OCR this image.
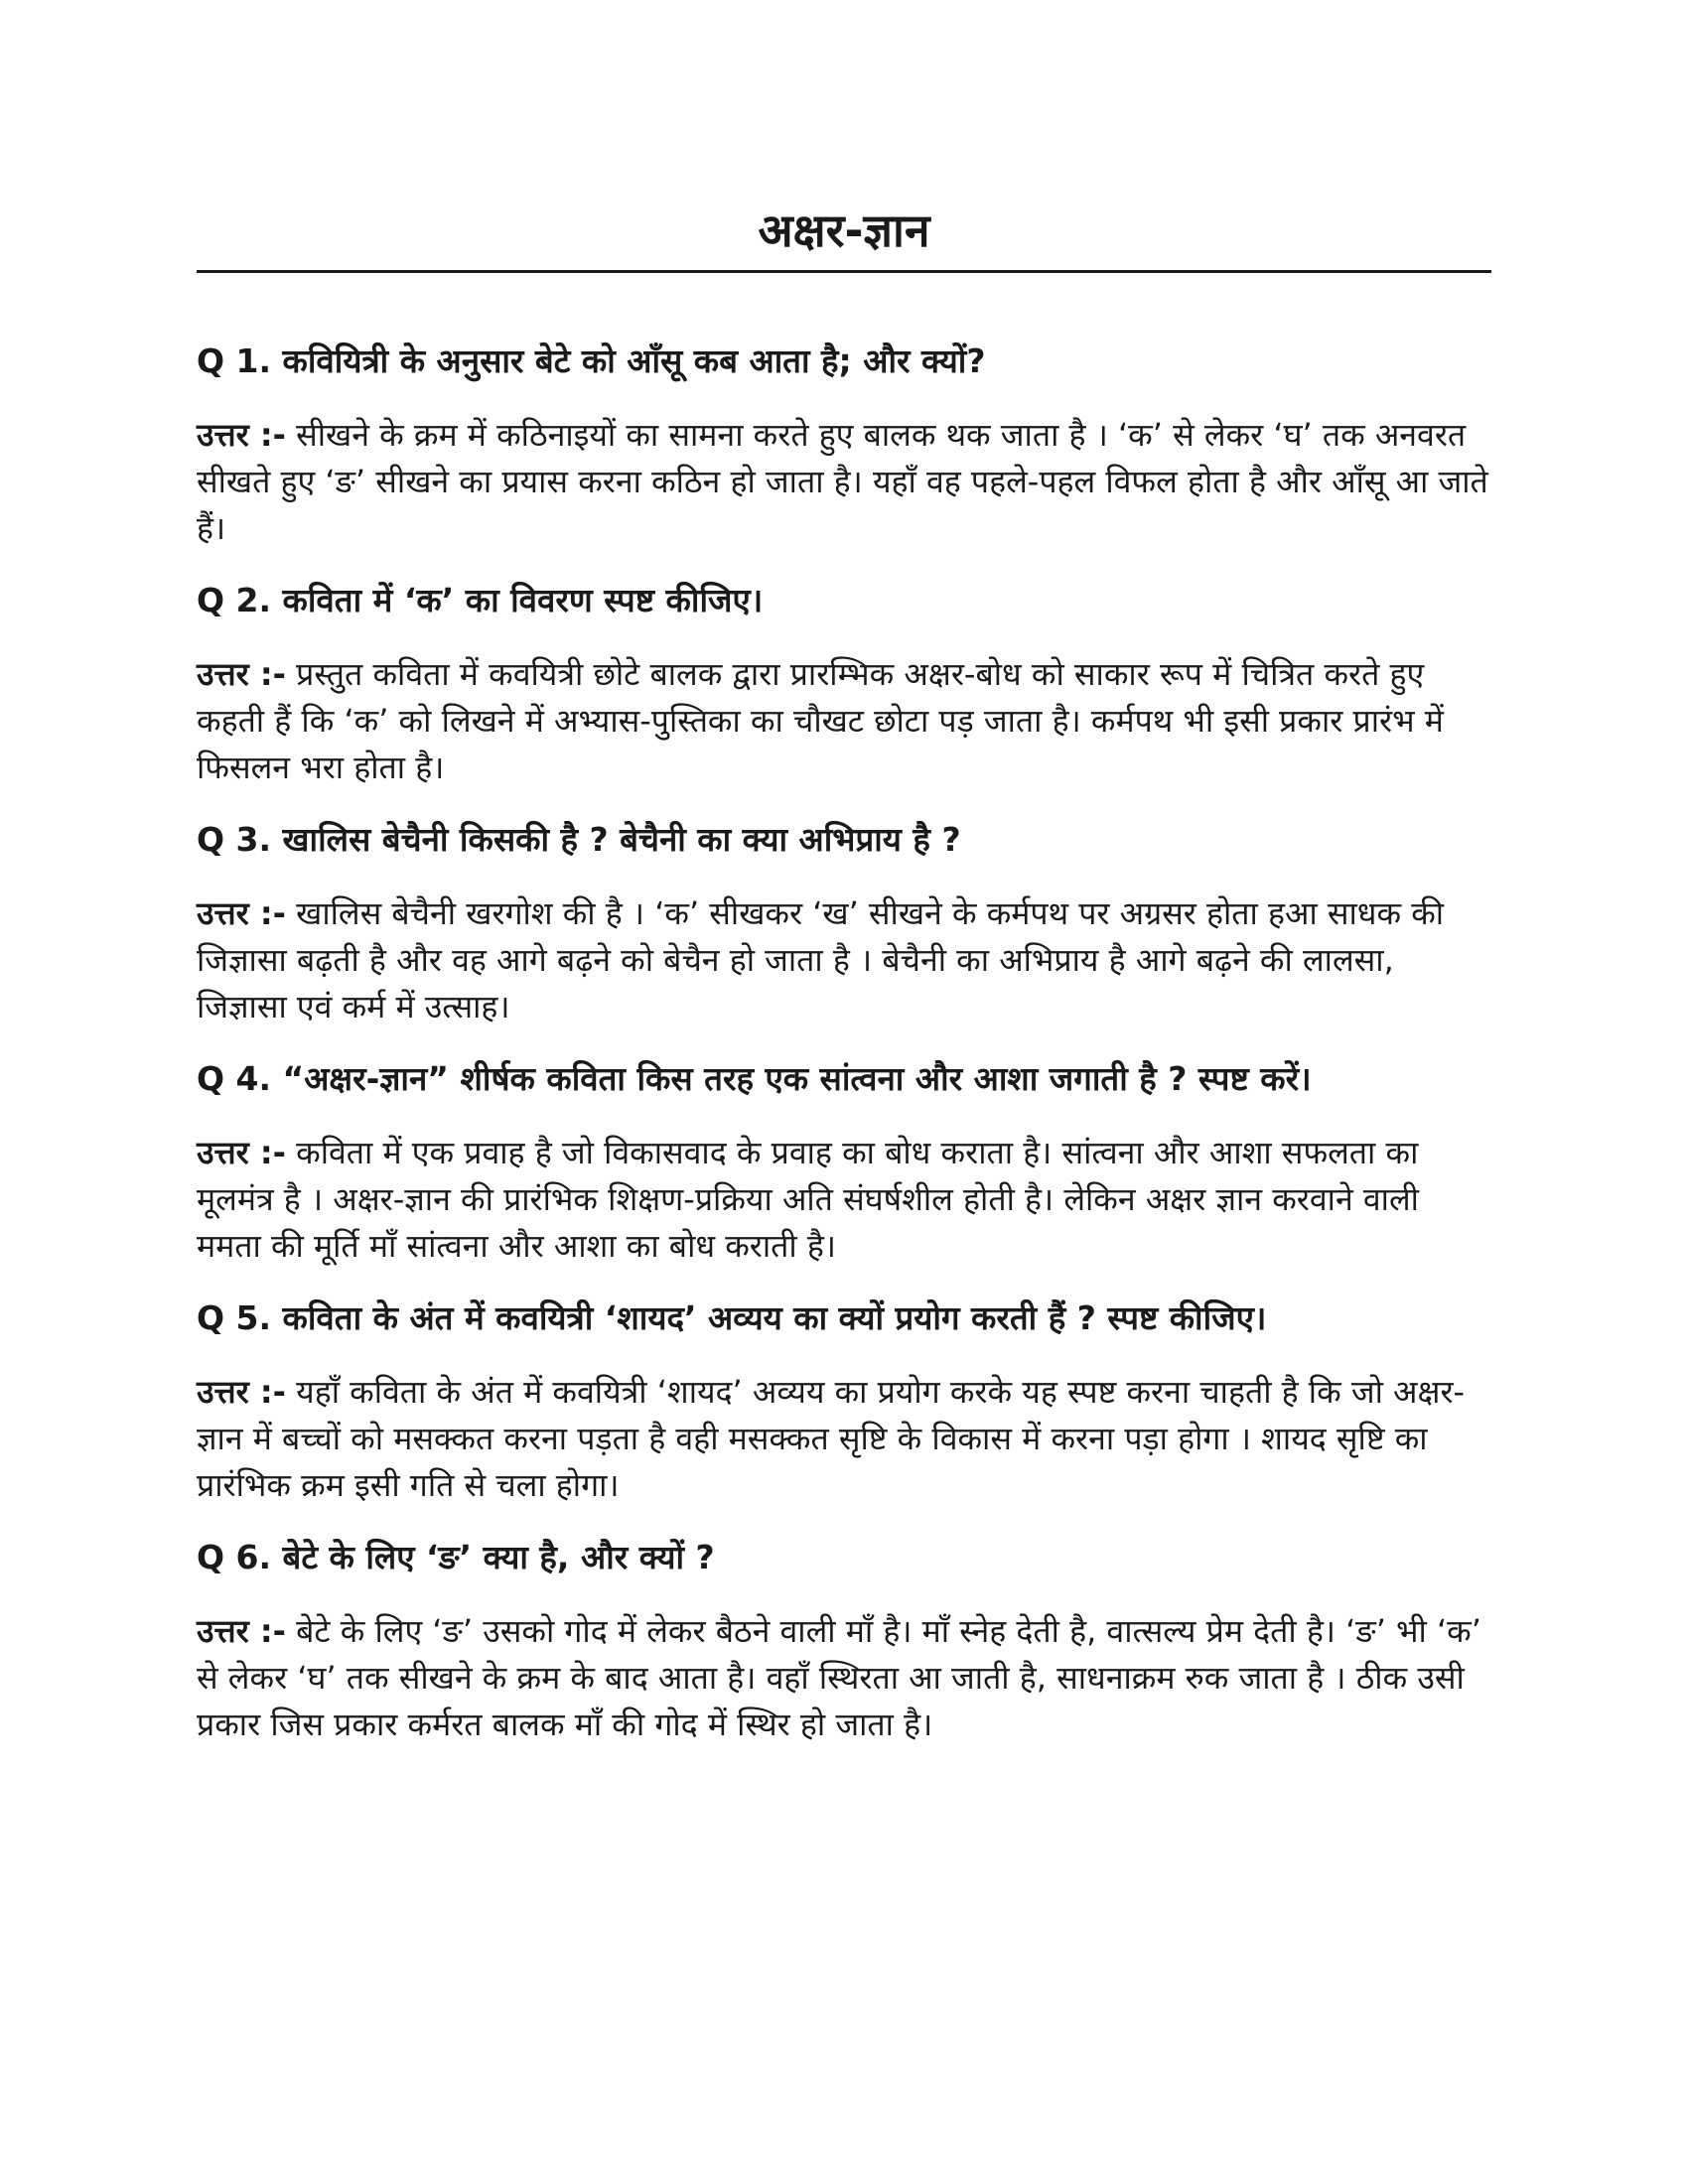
अक्षर-ज्ञान

Q 1. कवियित्री के अनुसार बेटे को आँसू कब आता है; और क्यों?

उत्तर :- सीखने के क्रम में कठिनाइयों का सामना करते हुए बालक थक जाता है । ‘क’ से लेकर ‘घ’ तक अनवरत सीखते हुए ‘ङ’ सीखने का प्रयास करना कठिन हो जाता है। यहाँ वह पहले-पहल विफल होता है और आँसू आ जाते हैं।

Q 2. कविता में ‘क’ का विवरण स्पष्ट कीजिए।

उत्तर :- प्रस्तुत कविता में कवयित्री छोटे बालक द्वारा प्रारम्भिक अक्षर-बोध को साकार रूप में चित्रित करते हुए कहती हैं कि ‘क’ को लिखने में अभ्यास-पुस्तिका का चौखट छोटा पड़ जाता है। कर्मपथ भी इसी प्रकार प्रारंभ में फिसलन भरा होता है।

Q 3. खालिस बेचैनी किसकी है ? बेचैनी का क्या अभिप्राय है ?

उत्तर :- खालिस बेचैनी खरगोश की है । ‘क’ सीखकर ‘ख’ सीखने के कर्मपथ पर अग्रसर होता हआ साधक की जिज्ञासा बढ़ती है और वह आगे बढ़ने को बेचैन हो जाता है । बेचैनी का अभिप्राय है आगे बढ़ने की लालसा, जिज्ञासा एवं कर्म में उत्साह।

Q 4. “अक्षर-ज्ञान” शीर्षक कविता किस तरह एक सांत्वना और आशा जगाती है ? स्पष्ट करें।

उत्तर :- कविता में एक प्रवाह है जो विकासवाद के प्रवाह का बोध कराता है। सांत्वना और आशा सफलता का मूलमंत्र है । अक्षर-ज्ञान की प्रारंभिक शिक्षण-प्रक्रिया अति संघर्षशील होती है। लेकिन अक्षर ज्ञान करवाने वाली ममता की मूर्ति माँ सांत्वना और आशा का बोध कराती है।

Q 5. कविता के अंत में कवयित्री ‘शायद’ अव्यय का क्यों प्रयोग करती हैं ? स्पष्ट कीजिए।

उत्तर :- यहाँ कविता के अंत में कवयित्री ‘शायद’ अव्यय का प्रयोग करके यह स्पष्ट करना चाहती है कि जो अक्षर-ज्ञान में बच्चों को मसक्कत करना पड़ता है वही मसक्कत सृष्टि के विकास में करना पड़ा होगा । शायद सृष्टि का प्रारंभिक क्रम इसी गति से चला होगा।

Q 6. बेटे के लिए ‘ङ’ क्या है, और क्यों ?

उत्तर :- बेटे के लिए ‘ङ’ उसको गोद में लेकर बैठने वाली माँ है। माँ स्नेह देती है, वात्सल्य प्रेम देती है। ‘ङ’ भी ‘क’ से लेकर ‘घ’ तक सीखने के क्रम के बाद आता है। वहाँ स्थिरता आ जाती है, साधनाक्रम रुक जाता है । ठीक उसी प्रकार जिस प्रकार कर्मरत बालक माँ की गोद में स्थिर हो जाता है।
